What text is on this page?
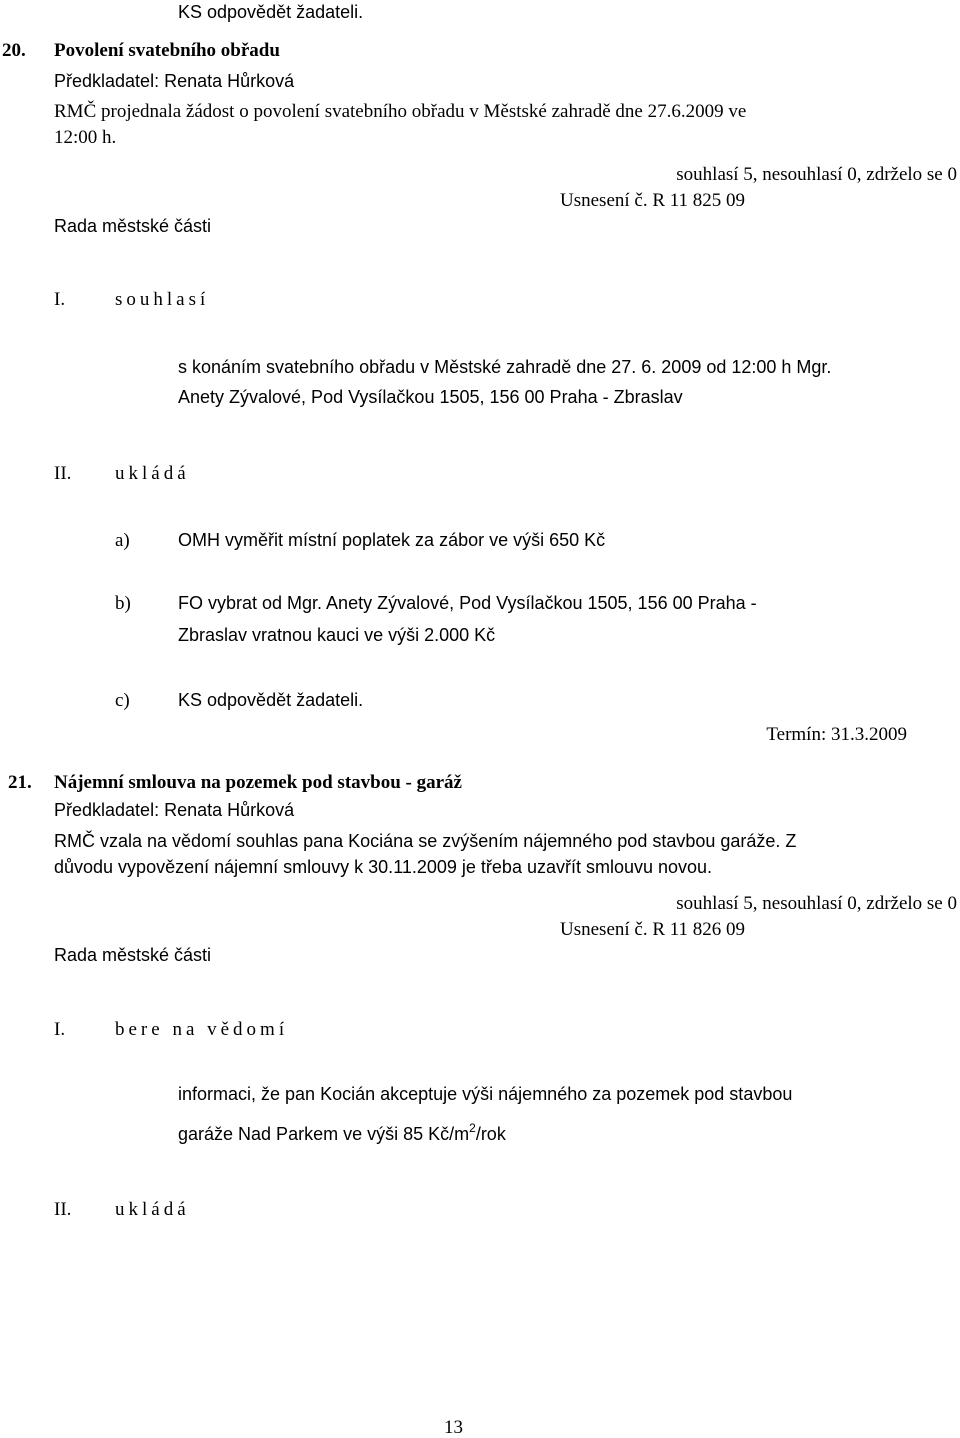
KS odpovědět žadateli.
20. Povolení svatebního obřadu
Předkladatel: Renata Hůrková
RMČ projednala žádost o povolení svatebního obřadu v Městské zahradě dne 27.6.2009 ve
12:00 h.
souhlasí 5, nesouhlasí 0, zdrželo se 0
Usnesení č. R 11 825 09
Rada městské části
I.	souhlasí
s konáním svatebního obřadu v Městské zahradě dne 27. 6. 2009 od 12:00 h Mgr.
Anety Zývalové, Pod Vysílačkou 1505, 156 00 Praha - Zbraslav
II. ukládá
a)	OMH vyměřit místní poplatek za zábor ve výši 650 Kč
b)	FO vybrat od Mgr. Anety Zývalové, Pod Vysílačkou 1505, 156 00 Praha -
Zbraslav vratnou kauci ve výši 2.000 Kč
c)	KS odpovědět žadateli.
Termín: 31.3.2009
21. Nájemní smlouva na pozemek pod stavbou - garáž
Předkladatel: Renata Hůrková
RMČ vzala na vědomí souhlas pana Kociána se zvýšením nájemného pod stavbou garáže. Z
důvodu vypovězení nájemní smlouvy k 30.11.2009 je třeba uzavřít smlouvu novou.
souhlasí 5, nesouhlasí 0, zdrželo se 0
Usnesení č. R 11 826 09
Rada městské části
I.	bere na vědomí
informaci, že pan Kocián akceptuje výši nájemného za pozemek pod stavbou
garáže Nad Parkem ve výši 85 $Kč/m^2$/rok
II. ukládá
13
